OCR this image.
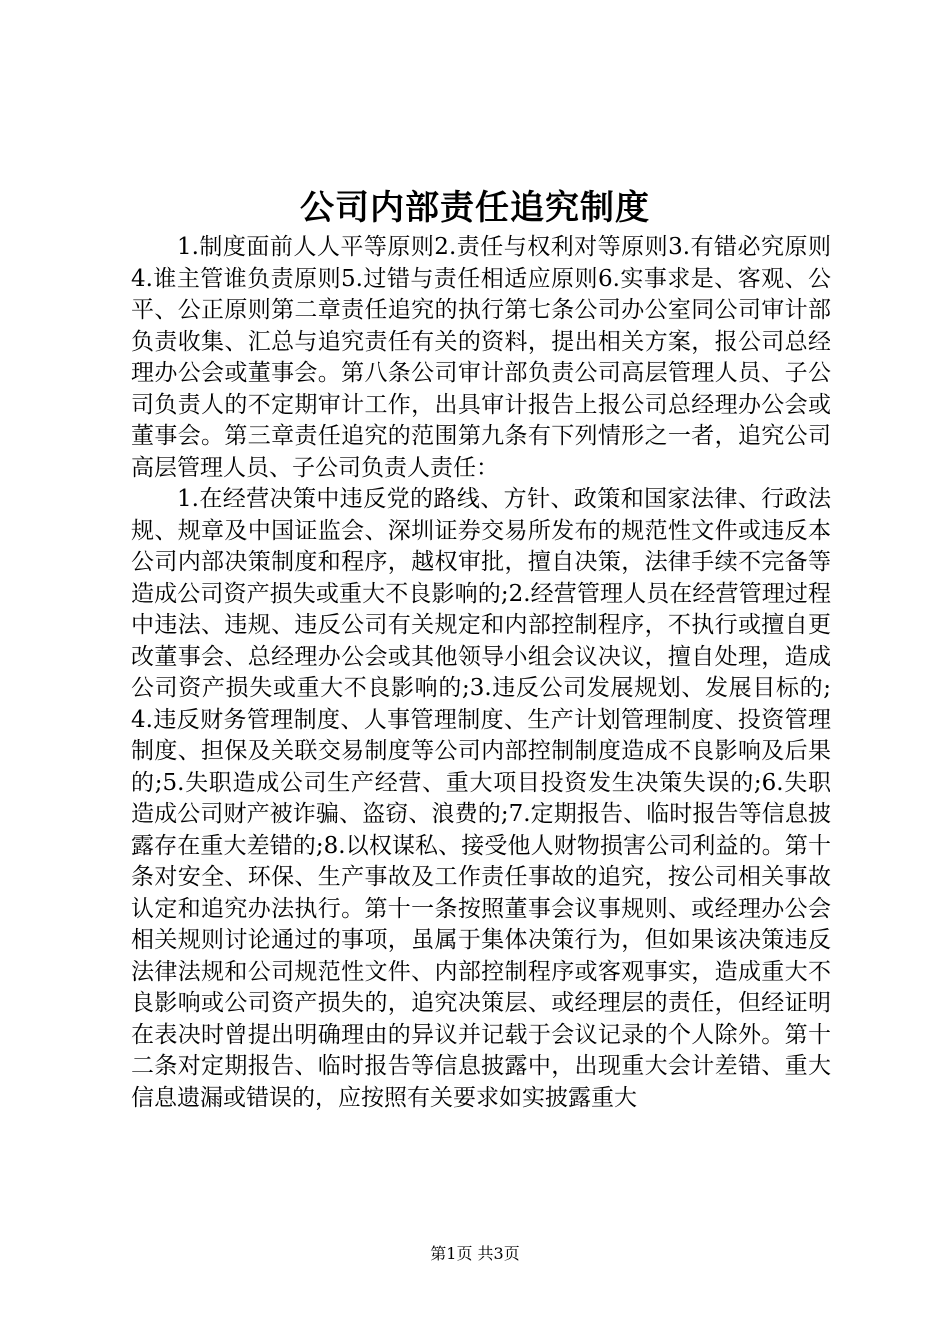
公司内部责任追究制度

1.制度面前人人平等原则2.责任与权利对等原则3.有错必究原则4.谁主管谁负责原则5.过错与责任相适应原则6.实事求是、客观、公平、公正原则第二章责任追究的执行第七条公司办公室同公司审计部负责收集、汇总与追究责任有关的资料，提出相关方案，报公司总经理办公会或董事会。第八条公司审计部负责公司高层管理人员、子公司负责人的不定期审计工作，出具审计报告上报公司总经理办公会或董事会。第三章责任追究的范围第九条有下列情形之一者，追究公司高层管理人员、子公司负责人责任：

1.在经营决策中违反党的路线、方针、政策和国家法律、行政法规、规章及中国证监会、深圳证券交易所发布的规范性文件或违反本公司内部决策制度和程序，越权审批，擅自决策，法律手续不完备等造成公司资产损失或重大不良影响的;2.经营管理人员在经营管理过程中违法、违规、违反公司有关规定和内部控制程序，不执行或擅自更改董事会、总经理办公会或其他领导小组会议决议，擅自处理，造成公司资产损失或重大不良影响的;3.违反公司发展规划、发展目标的;4.违反财务管理制度、人事管理制度、生产计划管理制度、投资管理制度、担保及关联交易制度等公司内部控制制度造成不良影响及后果的;5.失职造成公司生产经营、重大项目投资发生决策失误的;6.失职造成公司财产被诈骗、盗窃、浪费的;7.定期报告、临时报告等信息披露存在重大差错的;8.以权谋私、接受他人财物损害公司利益的。第十条对安全、环保、生产事故及工作责任事故的追究，按公司相关事故认定和追究办法执行。第十一条按照董事会议事规则、或经理办公会相关规则讨论通过的事项，虽属于集体决策行为，但如果该决策违反法律法规和公司规范性文件、内部控制程序或客观事实，造成重大不良影响或公司资产损失的，追究决策层、或经理层的责任，但经证明在表决时曾提出明确理由的异议并记载于会议记录的个人除外。第十二条对定期报告、临时报告等信息披露中，出现重大会计差错、重大信息遗漏或错误的，应按照有关要求如实披露重大

第1页 共3页
